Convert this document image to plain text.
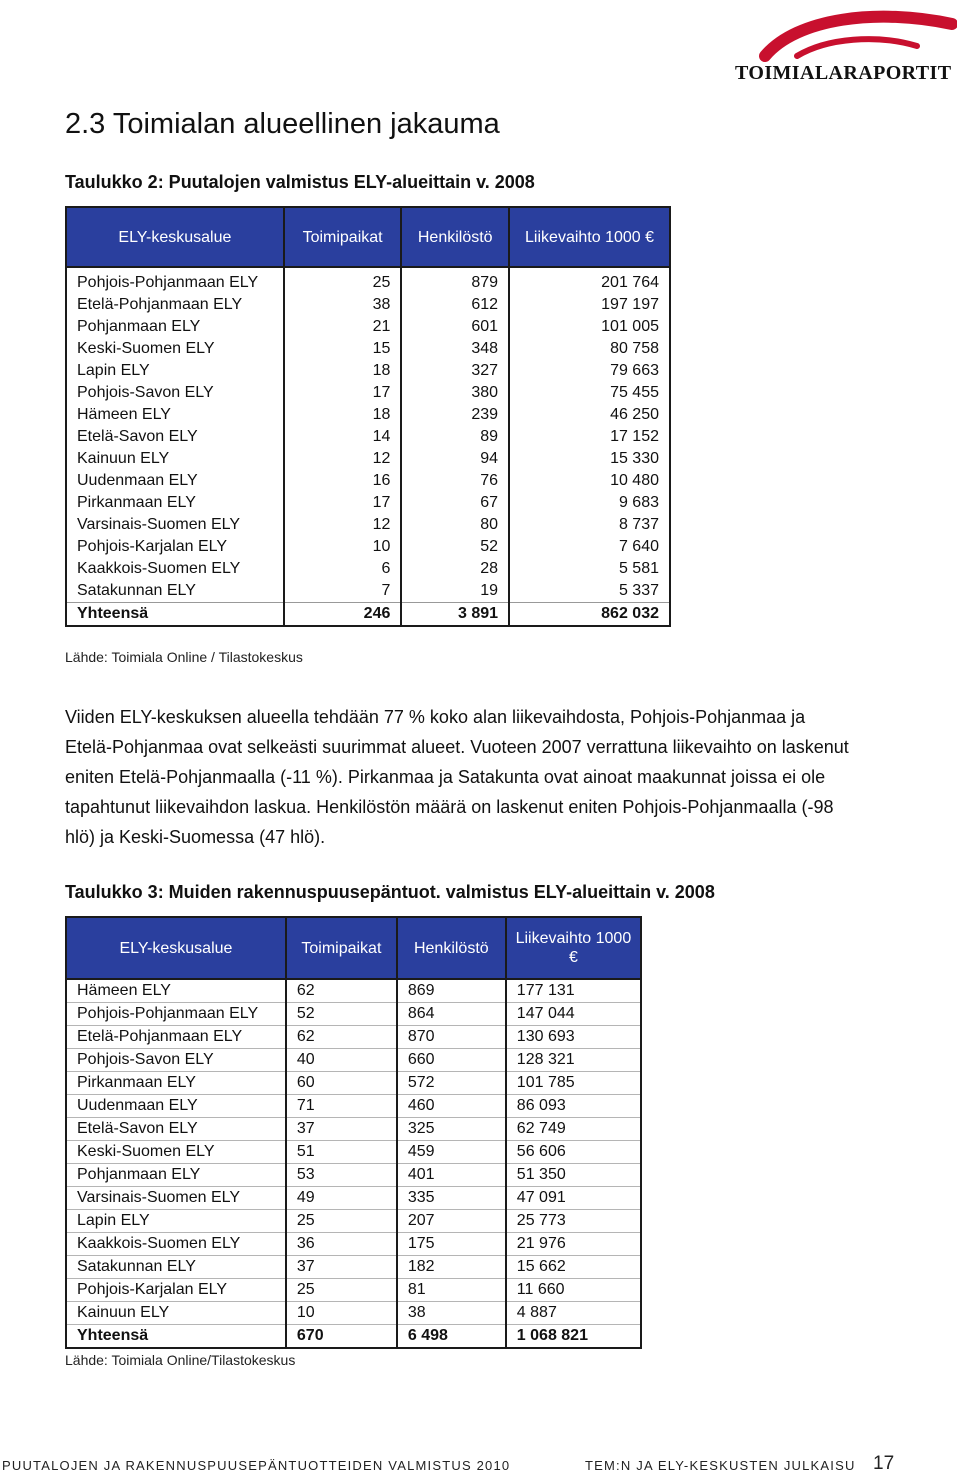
TOIMIALARAPORTIT
2.3 Toimialan alueellinen jakauma
Taulukko 2: Puutalojen valmistus ELY-alueittain v. 2008
ELY-keskusalue	Toimipaikat	Henkilöstö	Liikevaihto 1000 €
Pohjois-Pohjanmaan ELY	25	879	201 764
Etelä-Pohjanmaan ELY	38	612	197 197
Pohjanmaan ELY	21	601	101 005
Keski-Suomen ELY	15	348	80 758
Lapin ELY	18	327	79 663
Pohjois-Savon ELY	17	380	75 455
Hämeen ELY	18	239	46 250
Etelä-Savon ELY	14	89	17 152
Kainuun ELY	12	94	15 330
Uudenmaan ELY	16	76	10 480
Pirkanmaan ELY	17	67	9 683
Varsinais-Suomen ELY	12	80	8 737
Pohjois-Karjalan ELY	10	52	7 640
Kaakkois-Suomen ELY	6	28	5 581
Satakunnan ELY	7	19	5 337
Yhteensä	246	3 891	862 032
Lähde: Toimiala Online / Tilastokeskus

Viiden ELY-keskuksen alueella tehdään 77 % koko alan liikevaihdosta, Pohjois-Pohjanmaa ja Etelä-Pohjanmaa ovat selkeästi suurimmat alueet. Vuoteen 2007 verrattuna liikevaihto on laskenut eniten Etelä-Pohjanmaalla (-11 %). Pirkanmaa ja Satakunta ovat ainoat maakunnat joissa ei ole tapahtunut liikevaihdon laskua. Henkilöstön määrä on laskenut eniten Pohjois-Pohjanmaalla (-98 hlö) ja Keski-Suomessa (47 hlö).

Taulukko 3: Muiden rakennuspuusepäntuot. valmistus ELY-alueittain v. 2008
ELY-keskusalue	Toimipaikat	Henkilöstö	Liikevaihto 1000 €
Hämeen ELY	62	869	177 131
Pohjois-Pohjanmaan ELY	52	864	147 044
Etelä-Pohjanmaan ELY	62	870	130 693
Pohjois-Savon ELY	40	660	128 321
Pirkanmaan ELY	60	572	101 785
Uudenmaan ELY	71	460	86 093
Etelä-Savon ELY	37	325	62 749
Keski-Suomen ELY	51	459	56 606
Pohjanmaan ELY	53	401	51 350
Varsinais-Suomen ELY	49	335	47 091
Lapin ELY	25	207	25 773
Kaakkois-Suomen ELY	36	175	21 976
Satakunnan ELY	37	182	15 662
Pohjois-Karjalan ELY	25	81	11 660
Kainuun ELY	10	38	4 887
Yhteensä	670	6 498	1 068 821
Lähde: Toimiala Online/Tilastokeskus
PUUTALOJEN JA RAKENNUSPUUSEPÄNTUOTTEIDEN VALMISTUS 2010	TEM:N JA ELY-KESKUSTEN JULKAISU 17
